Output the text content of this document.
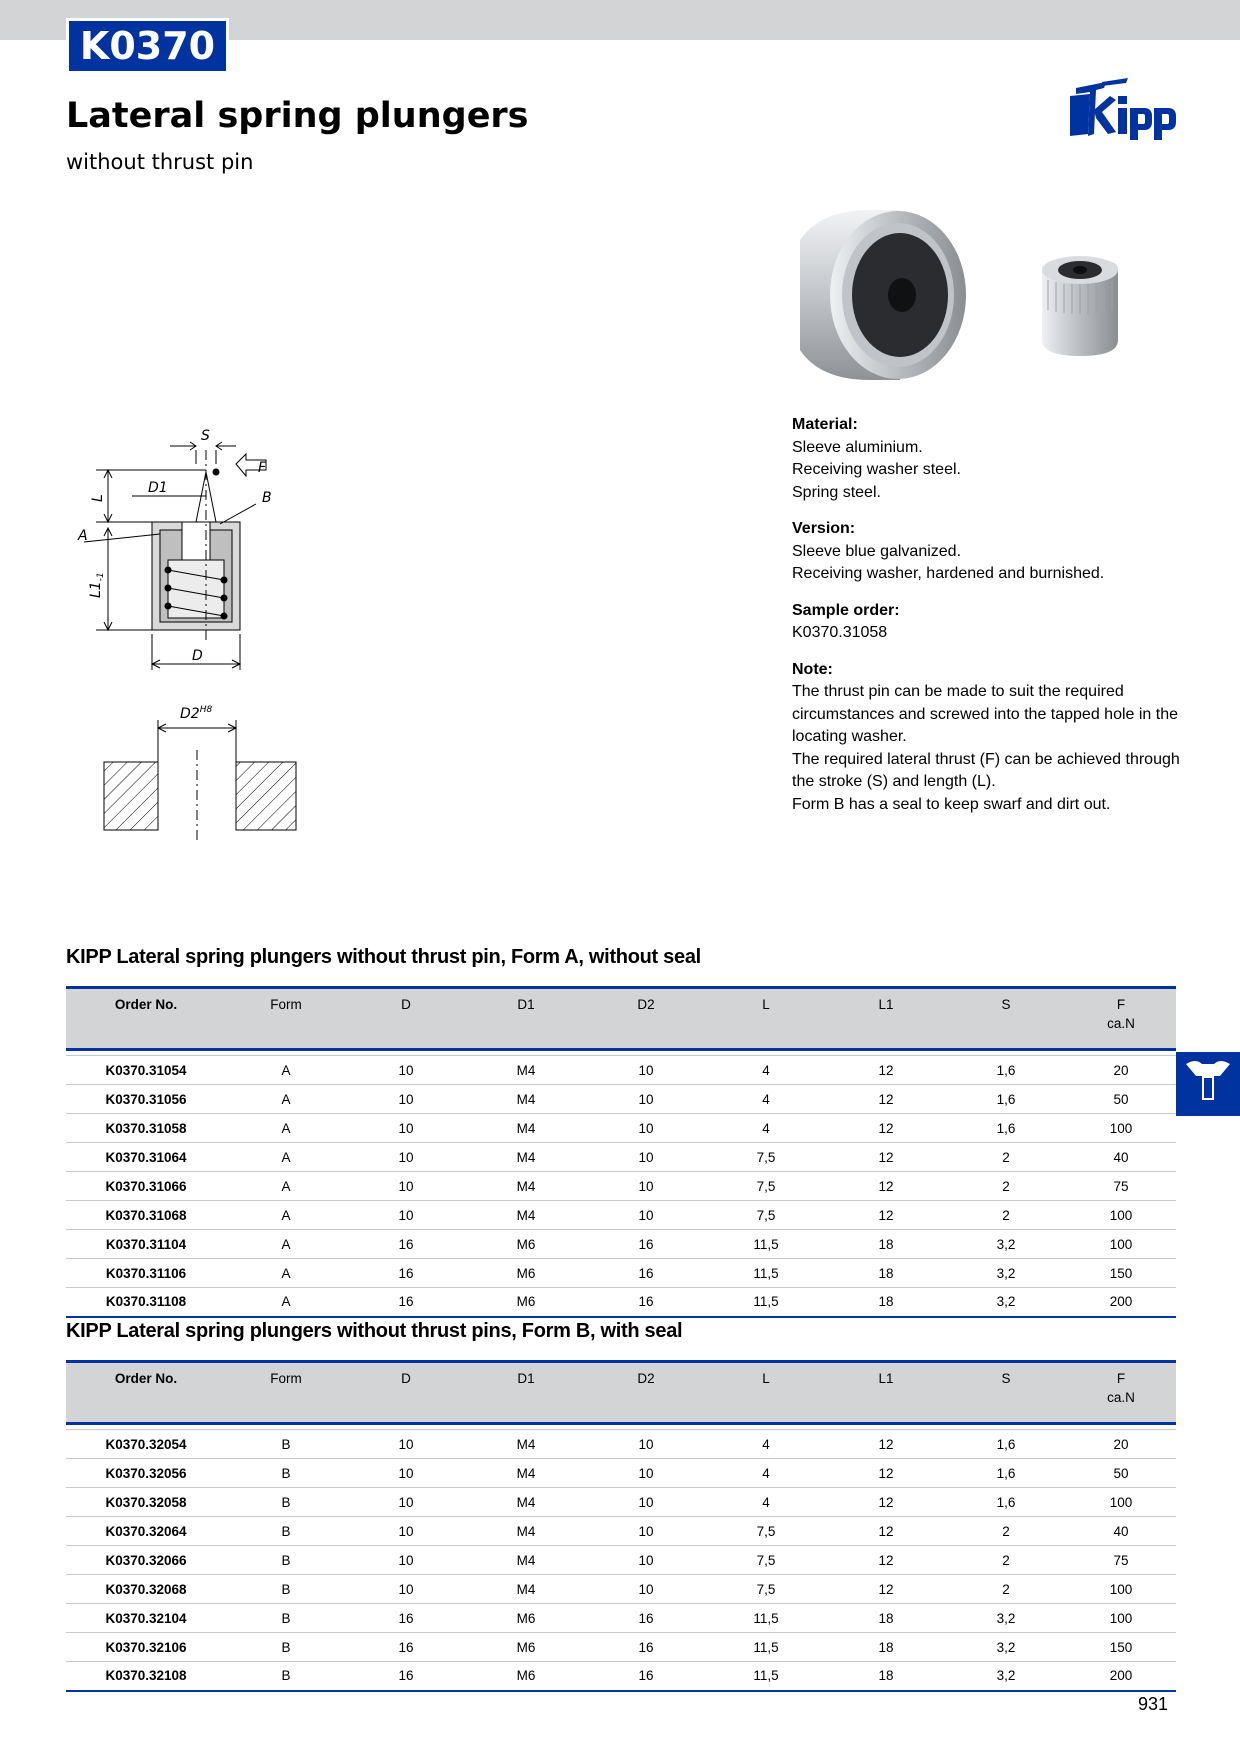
K0370
Lateral spring plungers
without thrust pin
S
F
B
L
D1
A
$L1_{-1}$
D
$D2^{H8}$
Material:
Sleeve aluminium.
Receiving washer steel.
Spring steel.
Version:
Sleeve blue galvanized.
Receiving washer, hardened and burnished.
Sample order:
K0370.31058
Note:
The thrust pin can be made to suit the required
circumstances and screwed into the tapped hole in the
locating washer.
The required lateral thrust (F) can be achieved through
the stroke (S) and length (L).
Form B has a seal to keep swarf and dirt out.
KIPP Lateral spring plungers without thrust pin, Form A, without seal
Order No.	Form	D	D1	D2	L	L1	S	F
ca.N

K0370.31054	A	10	M4	10	4	12	1,6	20
K0370.31056	A	10	M4	10	4	12	1,6	50
K0370.31058	A	10	M4	10	4	12	1,6	100
K0370.31064	A	10	M4	10	7,5	12	2	40
K0370.31066	A	10	M4	10	7,5	12	2	75
K0370.31068	A	10	M4	10	7,5	12	2	100
K0370.31104	A	16	M6	16	11,5	18	3,2	100
K0370.31106	A	16	M6	16	11,5	18	3,2	150
K0370.31108	A	16	M6	16	11,5	18	3,2	200
KIPP Lateral spring plungers without thrust pins, Form B, with seal
Order No.	Form	D	D1	D2	L	L1	S	F
ca.N

K0370.32054	B	10	M4	10	4	12	1,6	20
K0370.32056	B	10	M4	10	4	12	1,6	50
K0370.32058	B	10	M4	10	4	12	1,6	100
K0370.32064	B	10	M4	10	7,5	12	2	40
K0370.32066	B	10	M4	10	7,5	12	2	75
K0370.32068	B	10	M4	10	7,5	12	2	100
K0370.32104	B	16	M6	16	11,5	18	3,2	100
K0370.32106	B	16	M6	16	11,5	18	3,2	150
K0370.32108	B	16	M6	16	11,5	18	3,2	200
931
